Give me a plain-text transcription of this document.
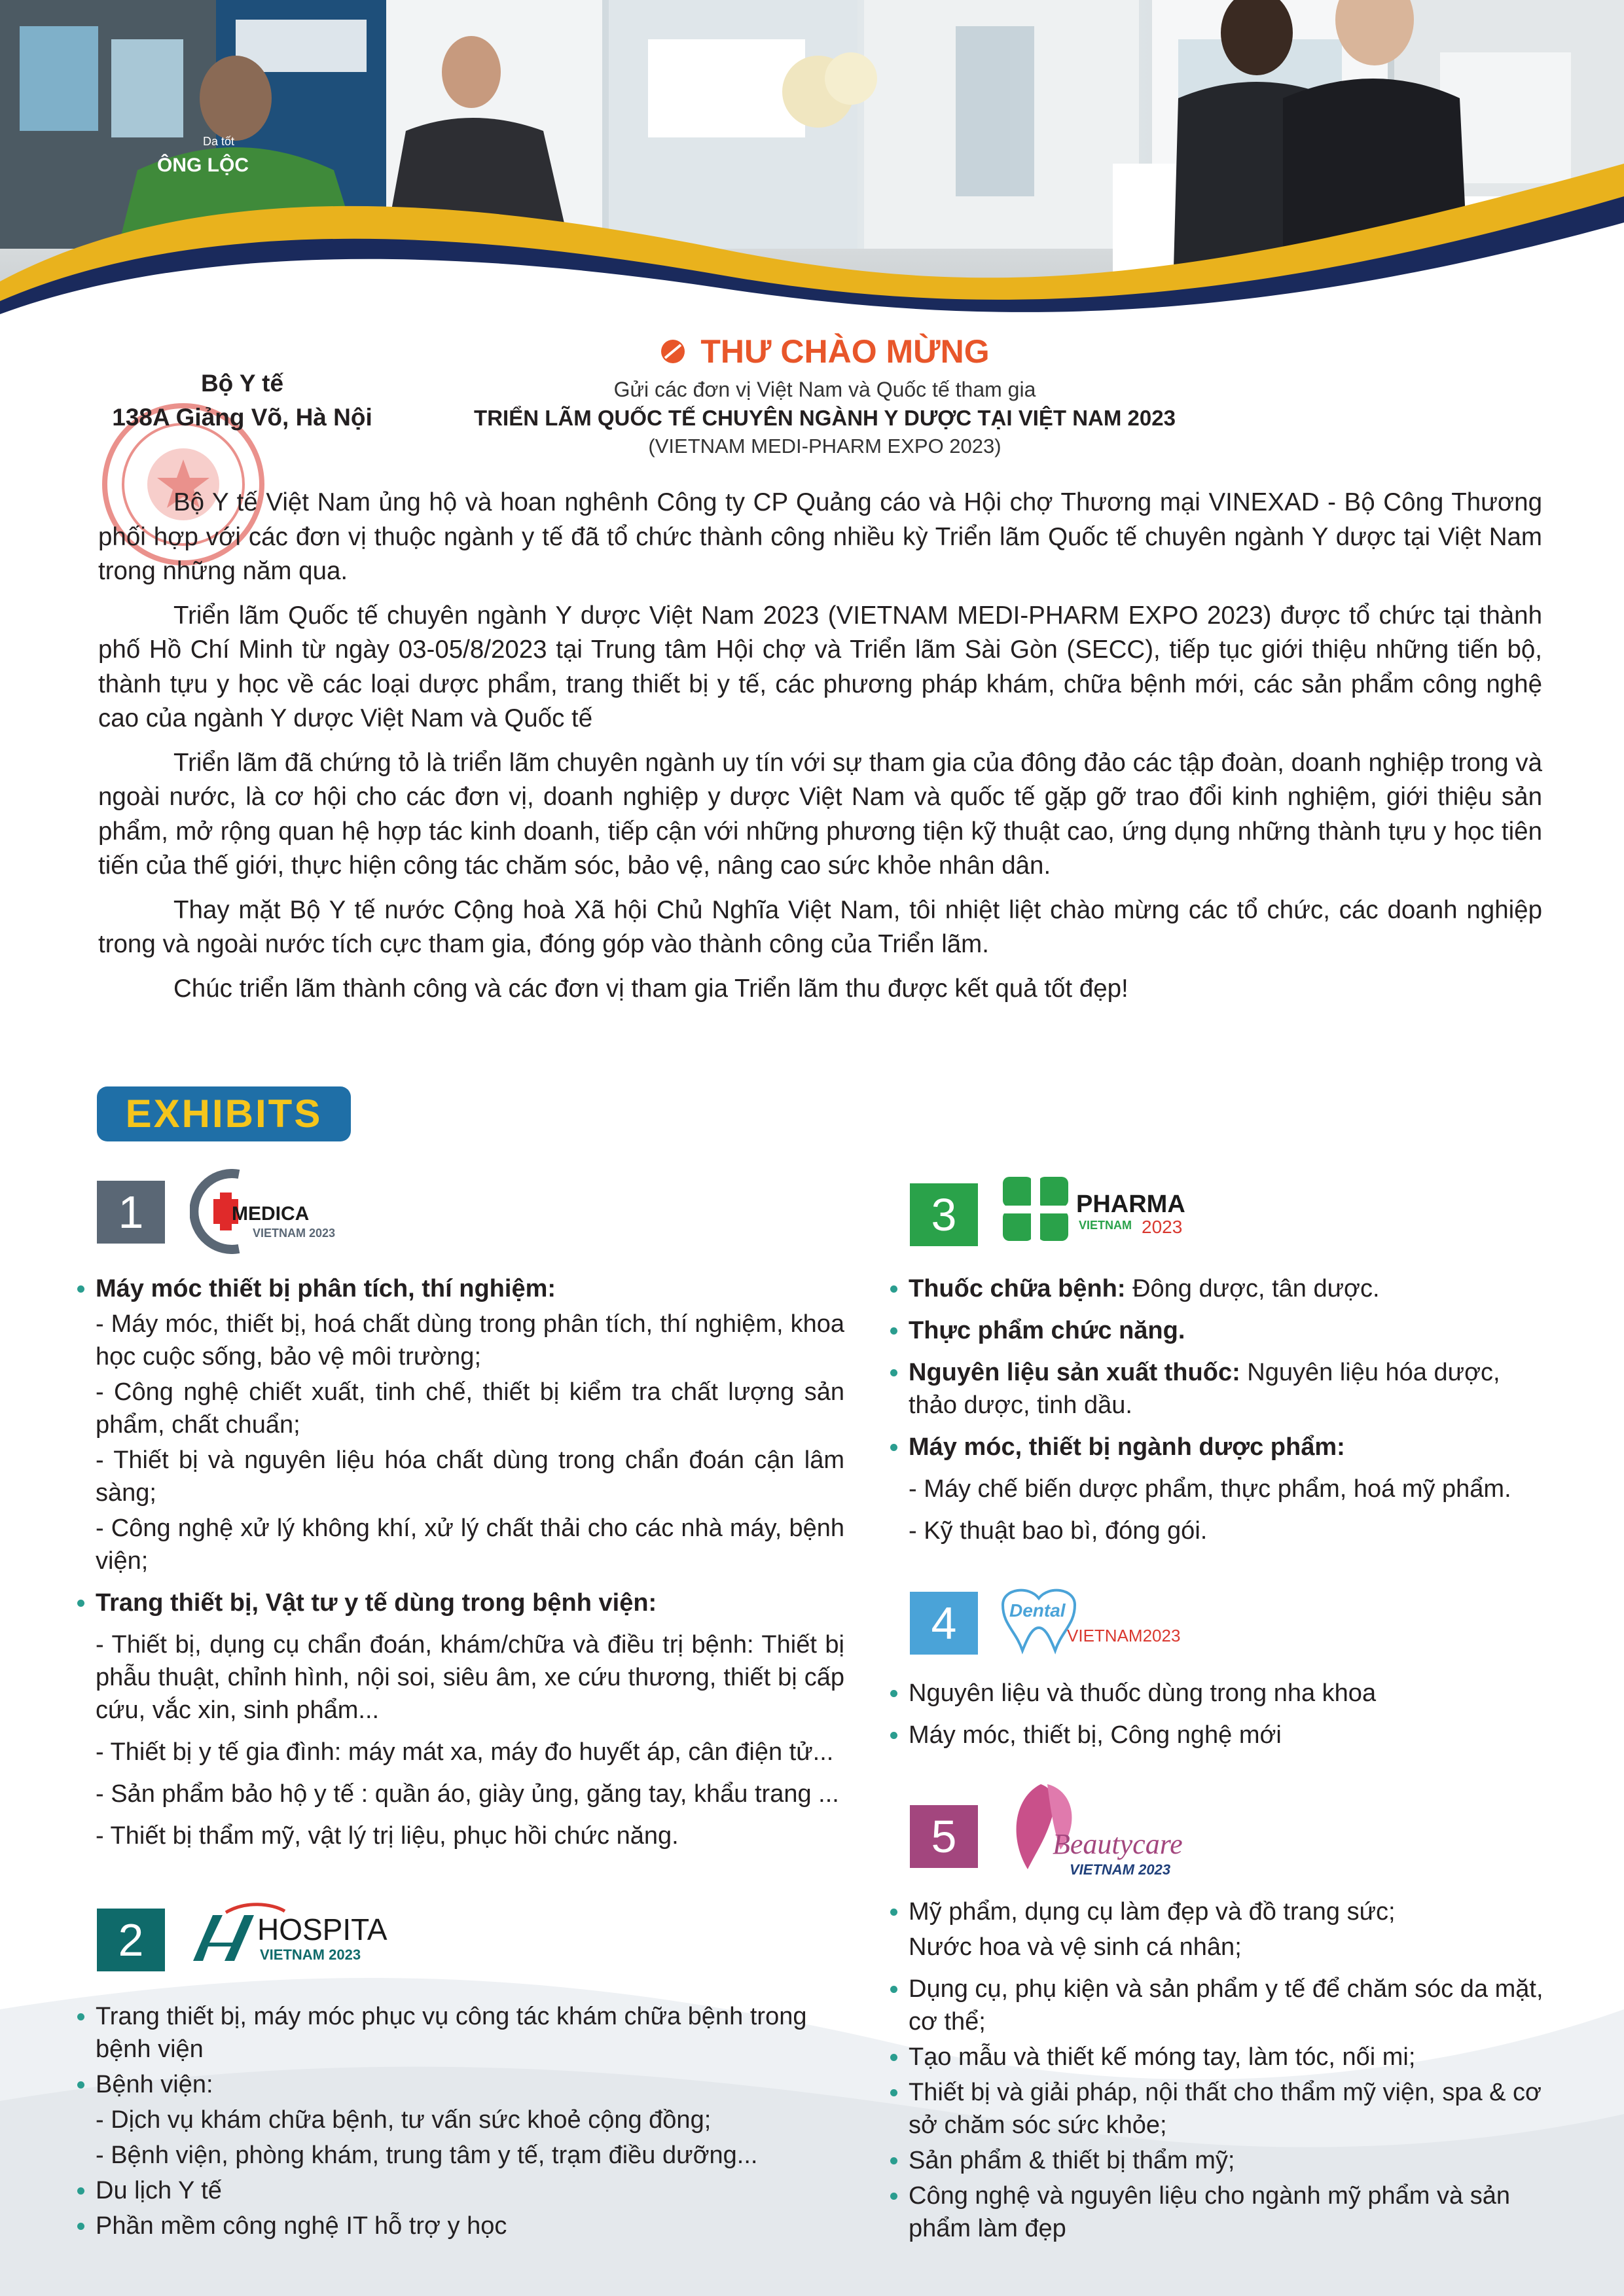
Da tốt
ÔNG LỘC
Bộ Y tế
138A Giảng Võ, Hà Nội
THƯ CHÀO MỪNG
Gửi các đơn vị Việt Nam và Quốc tế tham gia
TRIỂN LÃM QUỐC TẾ CHUYÊN NGÀNH Y DƯỢC TẠI VIỆT NAM 2023
(VIETNAM MEDI-PHARM EXPO 2023)

Bộ Y tế Việt Nam ủng hộ và hoan nghênh Công ty CP Quảng cáo và Hội chợ Thương mại VINEXAD - Bộ Công Thương phối hợp với các đơn vị thuộc ngành y tế đã tổ chức thành công nhiều kỳ Triển lãm Quốc tế chuyên ngành Y dược tại Việt Nam trong những năm qua.

Triển lãm Quốc tế chuyên ngành Y dược Việt Nam 2023 (VIETNAM MEDI-PHARM EXPO 2023) được tổ chức tại thành phố Hồ Chí Minh từ ngày 03-05/8/2023 tại Trung tâm Hội chợ và Triển lãm Sài Gòn (SECC), tiếp tục giới thiệu những tiến bộ, thành tựu y học về các loại dược phẩm, trang thiết bị y tế, các phương pháp khám, chữa bệnh mới, các sản phẩm công nghệ cao của ngành Y dược Việt Nam và Quốc tế

Triển lãm đã chứng tỏ là triển lãm chuyên ngành uy tín với sự tham gia của đông đảo các tập đoàn, doanh nghiệp trong và ngoài nước, là cơ hội cho các đơn vị, doanh nghiệp y dược Việt Nam và quốc tế gặp gỡ trao đổi kinh nghiệm, giới thiệu sản phẩm, mở rộng quan hệ hợp tác kinh doanh, tiếp cận với những phương tiện kỹ thuật cao, ứng dụng những thành tựu y học tiên tiến của thế giới, thực hiện công tác chăm sóc, bảo vệ, nâng cao sức khỏe nhân dân.

Thay mặt Bộ Y tế nước Cộng hoà Xã hội Chủ Nghĩa Việt Nam, tôi nhiệt liệt chào mừng các tổ chức, các doanh nghiệp trong và ngoài nước tích cực tham gia, đóng góp vào thành công của Triển lãm.

Chúc triển lãm thành công và các đơn vị tham gia Triển lãm thu được kết quả tốt đẹp!

EXHIBITS
1	MEDICA
VIETNAM 2023
Máy móc thiết bị phân tích, thí nghiệm:
- Máy móc, thiết bị, hoá chất dùng trong phân tích, thí nghiệm, khoa học cuộc sống, bảo vệ môi trường;
- Công nghệ chiết xuất, tinh chế, thiết bị kiểm tra chất lượng sản phẩm, chất chuẩn;
- Thiết bị và nguyên liệu hóa chất dùng trong chẩn đoán cận lâm sàng;
- Công nghệ xử lý không khí, xử lý chất thải cho các nhà máy, bệnh viện;
Trang thiết bị, Vật tư y tế dùng trong bệnh viện:
- Thiết bị, dụng cụ chẩn đoán, khám/chữa và điều trị bệnh: Thiết bị phẫu thuật, chỉnh hình, nội soi, siêu âm, xe cứu thương, thiết bị cấp cứu, vắc xin, sinh phẩm...
- Thiết bị y tế gia đình: máy mát xa, máy đo huyết áp, cân điện tử...
- Sản phẩm bảo hộ y tế : quần áo, giày ủng, găng tay, khẩu trang ...
- Thiết bị thẩm mỹ, vật lý trị liệu, phục hồi chức năng.
2	HOSPITA
VIETNAM 2023
Trang thiết bị, máy móc phục vụ công tác khám chữa bệnh trong bệnh viện
Bệnh viện:
- Dịch vụ khám chữa bệnh, tư vấn sức khoẻ cộng đồng;
- Bệnh viện, phòng khám, trung tâm y tế, trạm điều dưỡng...
Du lịch Y tế
Phần mềm công nghệ IT hỗ trợ y học
3	PHARMA
VIETNAM 2023
Thuốc chữa bệnh: Đông dược, tân dược.
Thực phẩm chức năng.
Nguyên liệu sản xuất thuốc: Nguyên liệu hóa dược, thảo dược, tinh dầu.
Máy móc, thiết bị ngành dược phẩm:
- Máy chế biến dược phẩm, thực phẩm, hoá mỹ phẩm.
- Kỹ thuật bao bì, đóng gói.
4	Dental
VIETNAM2023
Nguyên liệu và thuốc dùng trong nha khoa
Máy móc, thiết bị, Công nghệ mới
5	Beautycare
VIETNAM 2023
Mỹ phẩm, dụng cụ làm đẹp và đồ trang sức;
Nước hoa và vệ sinh cá nhân;
Dụng cụ, phụ kiện và sản phẩm y tế để chăm sóc da mặt, cơ thể;
Tạo mẫu và thiết kế móng tay, làm tóc, nối mi;
Thiết bị và giải pháp, nội thất cho thẩm mỹ viện, spa & cơ sở chăm sóc sức khỏe;
Sản phẩm & thiết bị thẩm mỹ;
Công nghệ và nguyên liệu cho ngành mỹ phẩm và sản phẩm làm đẹp
